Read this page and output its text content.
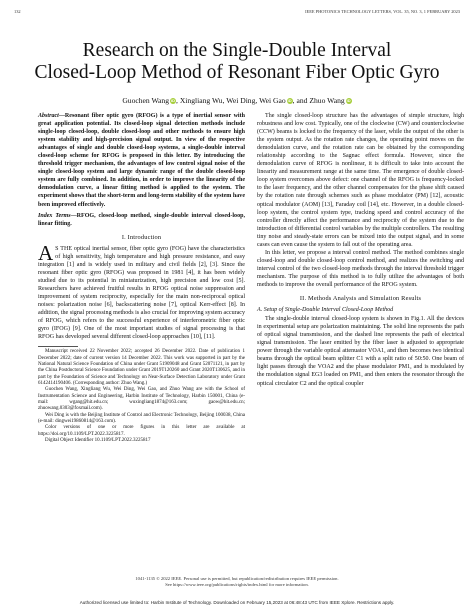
132	IEEE PHOTONICS TECHNOLOGY LETTERS, VOL. 35, NO. 3, 1 FEBRUARY 2023
Research on the Single-Double Interval
Closed-Loop Method of Resonant Fiber Optic Gyro
Guochen Wang iD, Xingliang Wu, Wei Ding, Wei Gao iD, and Zhuo Wang iD

Abstract—Resonant fiber optic gyro (RFOG) is a type of inertial sensor with great application potential. Its closed-loop signal detection methods include single-loop closed-loop, double closed-loop and other methods to ensure high system stability and high-precision signal output. In view of the respective advantages of single and double closed-loop systems, a single-double interval closed-loop scheme for RFOG is proposed in this letter. By introducing the threshold trigger mechanism, the advantages of low control signal noise of the single closed-loop system and large dynamic range of the double closed-loop system are fully combined. In addition, in order to improve the linearity of the demodulation curve, a linear fitting method is applied to the system. The experiment shows that the short-term and long-term stability of the system have been improved effectively.

Index Terms—RFOG, closed-loop method, single-double interval closed-loop, linear fitting.

I. Introduction

A S THE optical inertial sensor, fiber optic gyro (FOG) have the characteristics of high sensitivity, high temperature and high pressure resistance, and easy integration [1] and is widely used in military and civil fields [2], [3]. Since the resonant fiber optic gyro (RFOG) was proposed in 1981 [4], it has been widely studied due to its potential in miniaturization, high precision and low cost [5]. Researchers have achieved fruitful results in RFOG optical noise suppression and improvement of system reciprocity, especially for the main non-reciprocal optical noises: polarization noise [6], backscattering noise [7], optical Kerr-effect [8]. In addition, the signal processing methods is also crucial for improving system accuracy of RFOG, which refers to the successful experience of interferometric fiber optic gyro (IFOG) [9]. One of the most important studies of signal processing is that RFOG has developed several different closed-loop approaches [10], [11].

Manuscript received 22 November 2022; accepted 26 December 2022. Date of publication 1 December 2022; date of current version 14 December 2022. This work was supported in part by the National Natural Science Foundation of China under Grant 51909048 and Grant 52071121, in part by the China Postdoctoral Science Foundation under Grant 2019T120260 and Grant 2020T130625, and in part by the Foundation of Science and Technology on Near-Surface Detection Laboratory under Grant 6142414190406. (Corresponding author: Zhuo Wang.)

Guochen Wang, Xingliang Wu, Wei Ding, Wei Gao, and Zhuo Wang are with the School of Instrumentation Science and Engineering, Harbin Institute of Technology, Harbin 150001, China (e-mail: wgang@hit.edu.cn; wuxingliang1874@163.com; gaow@hit.edu.cn; zhuowang.0303@foxmail.com).

Wei Ding is with the Beijing Institute of Control and Electronic Technology, Beijing 100038, China (e-mail: dingwei19860814@163.com).

Color versions of one or more figures in this letter are available at https://doi.org/10.1109/LPT.2022.3225817.

Digital Object Identifier 10.1109/LPT.2022.3225817

The single closed-loop structure has the advantages of simple structure, high robustness and low cost. Typically, one of the clockwise (CW) and counterclockwise (CCW) beams is locked to the frequency of the laser, while the output of the other is the system output. As the rotation rate changes, the operating point moves on the demodulation curve, and the rotation rate can be obtained by the corresponding relationship according to the Sagnac effect formula. However, since the demodulation curve of RFOG is nonlinear, it is difficult to take into account the linearity and measurement range at the same time. The emergence of double closed-loop system overcomes above defect: one channel of the RFOG is frequency-locked to the laser frequency, and the other channel compensates for the phase shift caused by the rotation rate through schemes such as phase modulator (PM) [12], acoustic optical modulator (AOM) [13], Faraday coil [14], etc. However, in a double closed-loop system, the control system type, tracking speed and control accuracy of the controller directly affect the performance and reciprocity of the system due to the introduction of differential control variables by the multiple controllers. The resulting tiny noise and steady-state errors can be mixed into the output signal, and in some cases can even cause the system to fall out of the operating area.

In this letter, we propose a interval control method. The method combines single closed-loop and double closed-loop control method, and realizes the switching and interval control of the two closed-loop methods through the interval threshold trigger mechanism. The purpose of this method is to fully utilize the advantages of both methods to improve the overall performance of the RFOG system.

II. Methods Analysis and Simulation Results

A. Setup of Single-Double Interval Closed-Loop Method

The single-double interval closed-loop system is shown in Fig.1. All the devices in experimental setup are polarization maintaining. The solid line represents the path of optical signal transmission, and the dashed line represents the path of electrical signal transmission. The laser emitted by the fiber laser is adjusted to appropriate power through the variable optical attenuator VOA1, and then becomes two identical beams through the optical beam splitter C1 with a split ratio of 50:50. One beam of light passes through the VOA2 and the phase modulator PM1, and is modulated by the modulation signal EG3 loaded on PM1, and then enters the resonator through the optical circulator C2 and the optical coupler

1041-1135 © 2022 IEEE. Personal use is permitted, but republication/redistribution requires IEEE permission.
See https://www.ieee.org/publications/rights/index.html for more information.
Authorized licensed use limited to: Harbin Institute of Technology. Downloaded on February 15,2023 at 06:48:43 UTC from IEEE Xplore. Restrictions apply.
